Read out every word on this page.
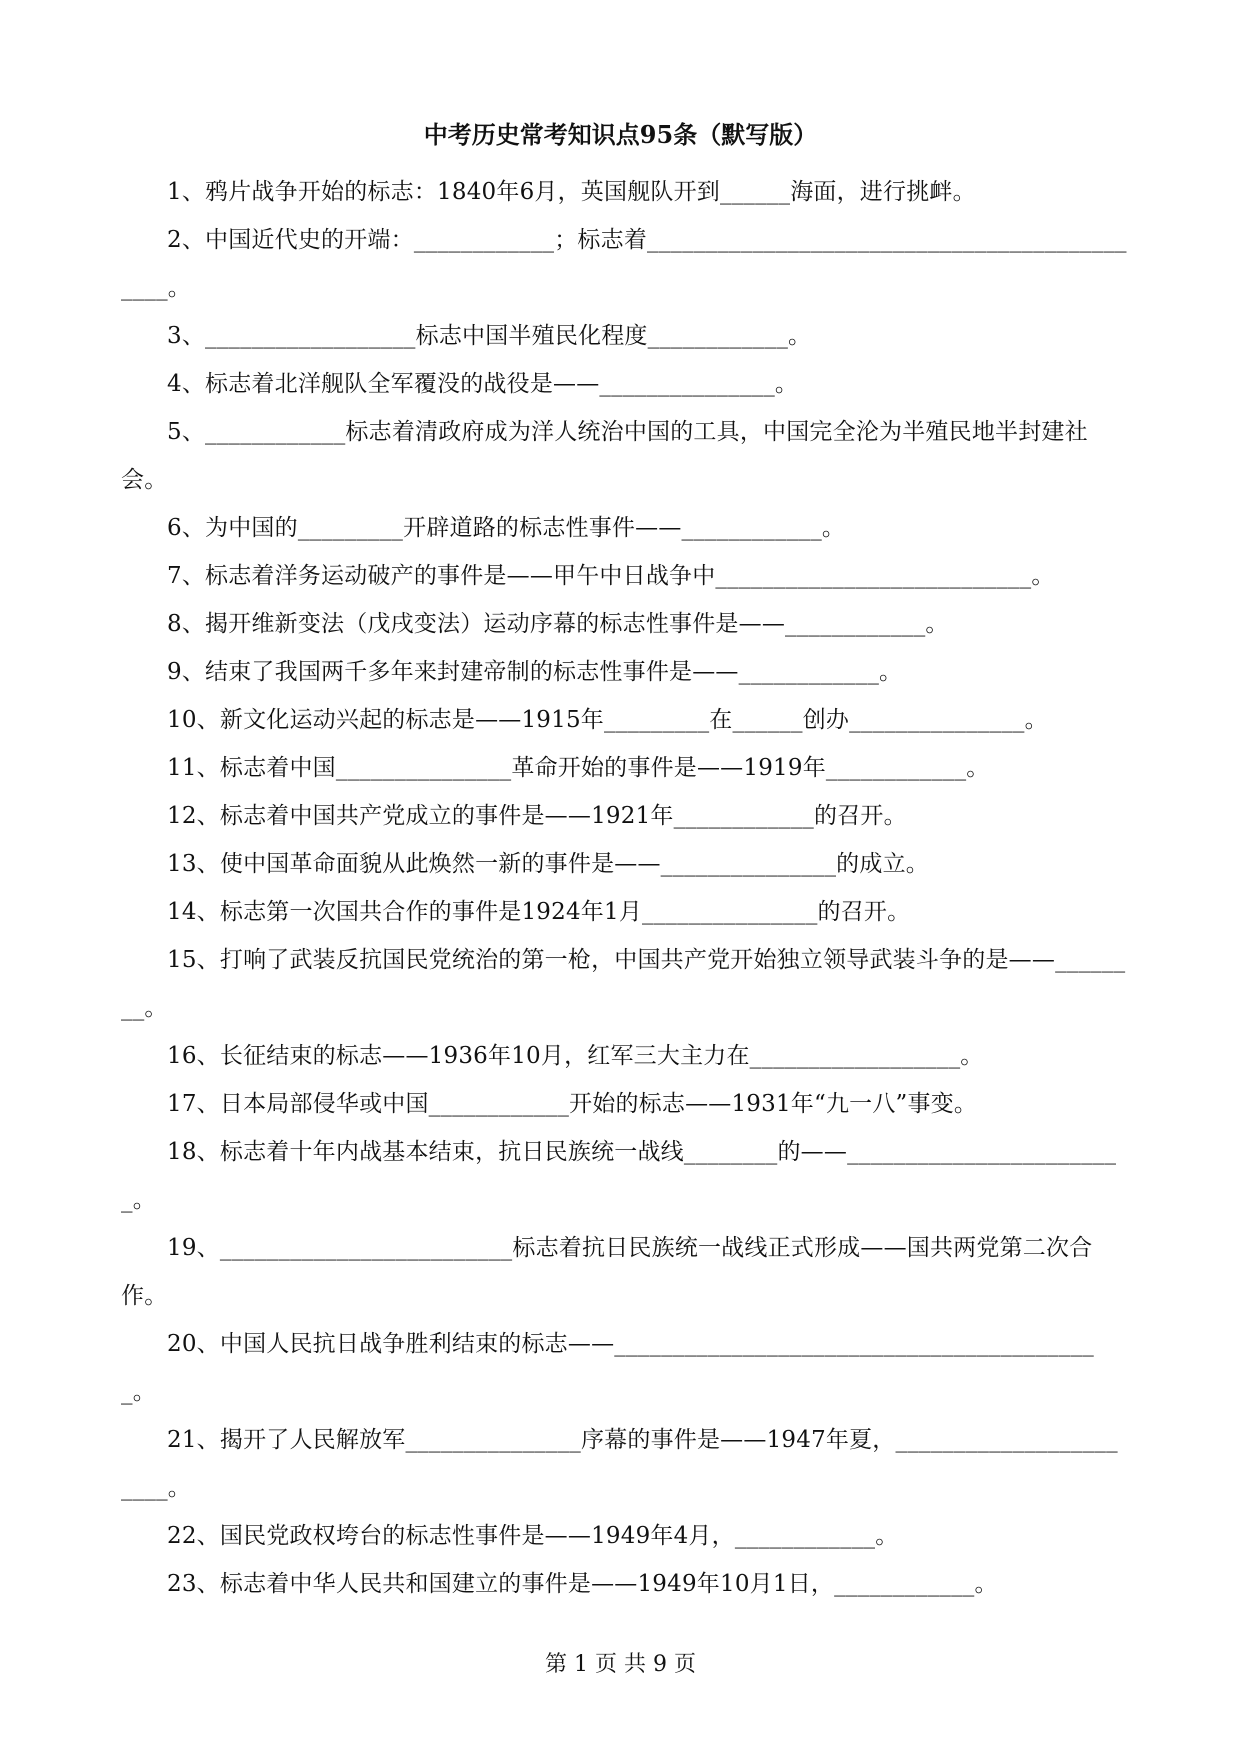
中考历史常考知识点95条（默写版）

1、鸦片战争开始的标志：1840年6月，英国舰队开到______海面，进行挑衅。

2、中国近代史的开端：____________；标志着_____________________________________________。

3、__________________标志中国半殖民化程度____________。

4、标志着北洋舰队全军覆没的战役是——_______________。

5、____________标志着清政府成为洋人统治中国的工具，中国完全沦为半殖民地半封建社会。

6、为中国的_________开辟道路的标志性事件——____________。

7、标志着洋务运动破产的事件是——甲午中日战争中___________________________。

8、揭开维新变法（戊戌变法）运动序幕的标志性事件是——____________。

9、结束了我国两千多年来封建帝制的标志性事件是——____________。

10、新文化运动兴起的标志是——1915年_________在______创办_______________。

11、标志着中国_______________革命开始的事件是——1919年____________。

12、标志着中国共产党成立的事件是——1921年____________的召开。

13、使中国革命面貌从此焕然一新的事件是——_______________的成立。

14、标志第一次国共合作的事件是1924年1月_______________的召开。

15、打响了武装反抗国民党统治的第一枪，中国共产党开始独立领导武装斗争的是——________。

16、长征结束的标志——1936年10月，红军三大主力在__________________。

17、日本局部侵华或中国____________开始的标志——1931年“九一八”事变。

18、标志着十年内战基本结束，抗日民族统一战线________的——________________________。

19、_________________________标志着抗日民族统一战线正式形成——国共两党第二次合作。

20、中国人民抗日战争胜利结束的标志——__________________________________________。

21、揭开了人民解放军_______________序幕的事件是——1947年夏，_______________________。

22、国民党政权垮台的标志性事件是——1949年4月，____________。

23、标志着中华人民共和国建立的事件是——1949年10月1日，____________。

第 1 页 共 9 页
